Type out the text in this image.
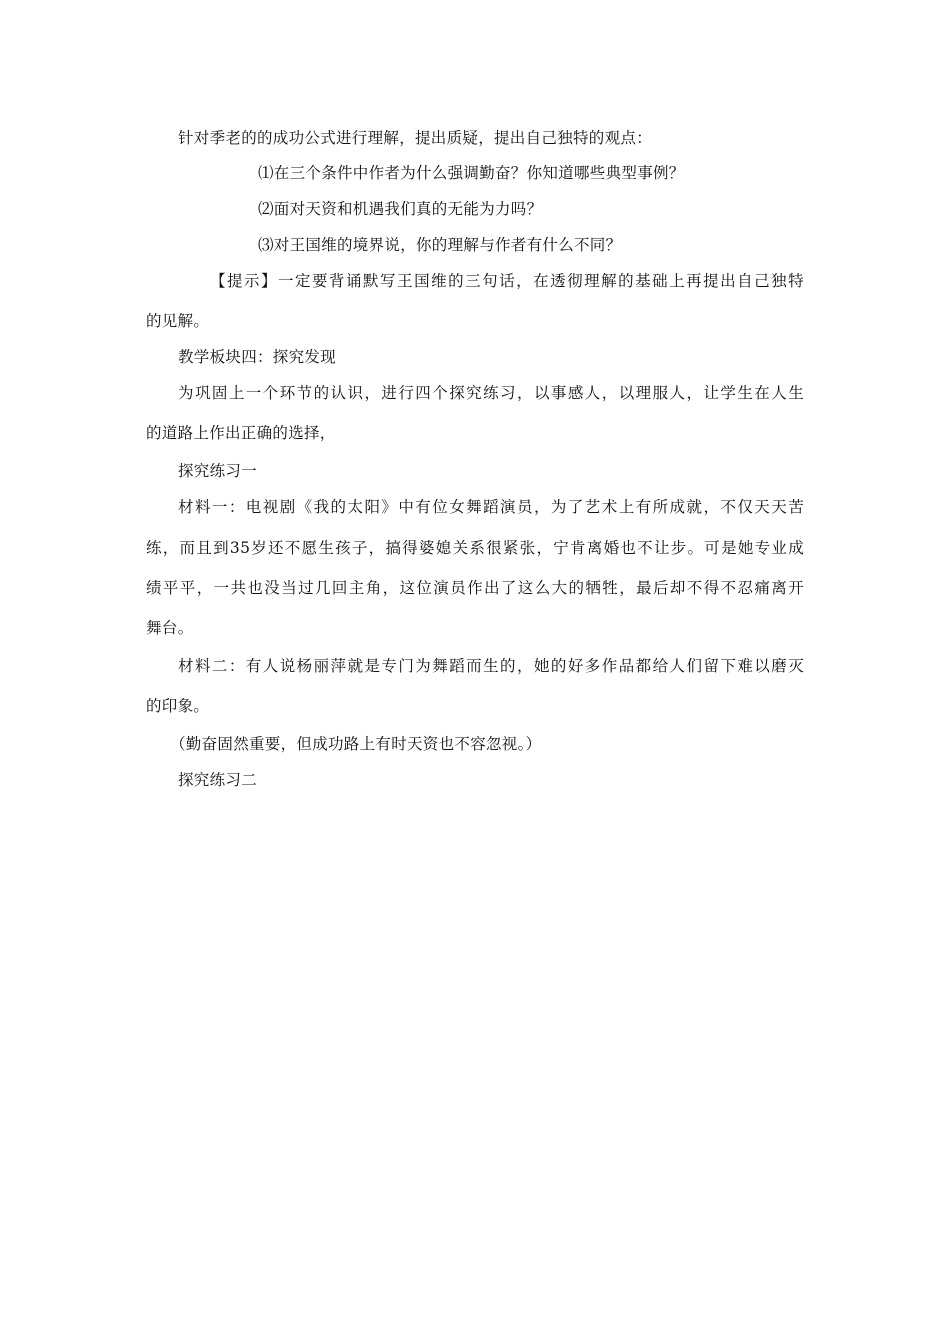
针对季老的的成功公式进行理解，提出质疑，提出自己独特的观点：
⑴在三个条件中作者为什么强调勤奋？你知道哪些典型事例？
⑵面对天资和机遇我们真的无能为力吗？
⑶对王国维的境界说，你的理解与作者有什么不同？
【提示】一定要背诵默写王国维的三句话，在透彻理解的基础上再提出自己独特
的见解。
教学板块四：探究发现
为巩固上一个环节的认识，进行四个探究练习，以事感人，以理服人，让学生在人生
的道路上作出正确的选择，
探究练习一
材料一：电视剧《我的太阳》中有位女舞蹈演员，为了艺术上有所成就，不仅天天苦
练，而且到35岁还不愿生孩子，搞得婆媳关系很紧张，宁肯离婚也不让步。可是她专业成
绩平平，一共也没当过几回主角，这位演员作出了这么大的牺牲，最后却不得不忍痛离开
舞台。
材料二：有人说杨丽萍就是专门为舞蹈而生的，她的好多作品都给人们留下难以磨灭
的印象。
（勤奋固然重要，但成功路上有时天资也不容忽视。）
探究练习二
